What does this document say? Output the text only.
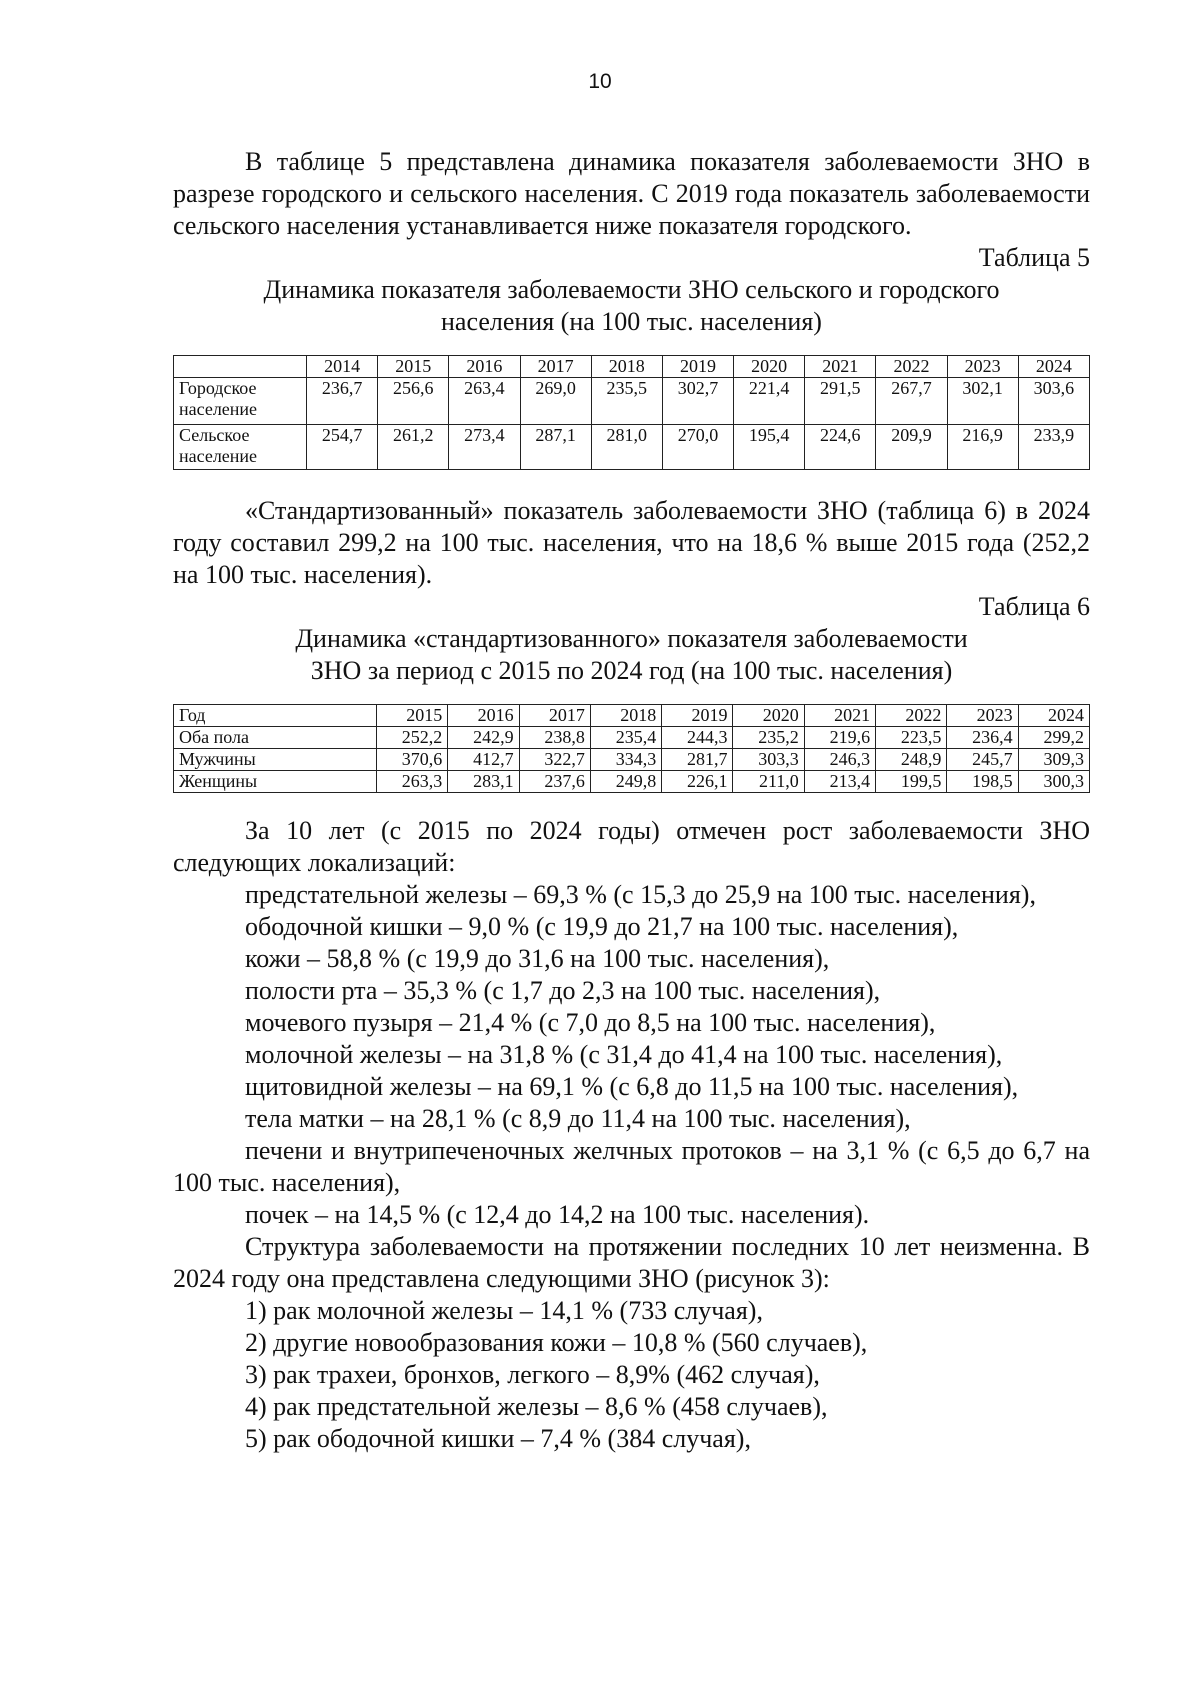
10

В таблице 5 представлена динамика показателя заболеваемости ЗНО в разрезе городского и сельского населения. С 2019 года показатель заболеваемости сельского населения устанавливается ниже показателя городского.

Таблица 5

Динамика показателя заболеваемости ЗНО сельского и городского

населения (на 100 тыс. населения)

	2014	2015	2016	2017	2018	2019	2020	2021	2022	2023	2024
Городское население	236,7	256,6	263,4	269,0	235,5	302,7	221,4	291,5	267,7	302,1	303,6
Сельское население	254,7	261,2	273,4	287,1	281,0	270,0	195,4	224,6	209,9	216,9	233,9

«Стандартизованный» показатель заболеваемости ЗНО (таблица 6) в 2024 году составил 299,2 на 100 тыс. населения, что на 18,6 % выше 2015 года (252,2 на 100 тыс. населения).

Таблица 6

Динамика «стандартизованного» показателя заболеваемости

ЗНО за период с 2015 по 2024 год (на 100 тыс. населения)

Год	2015	2016	2017	2018	2019	2020	2021	2022	2023	2024
Оба пола	252,2	242,9	238,8	235,4	244,3	235,2	219,6	223,5	236,4	299,2
Мужчины	370,6	412,7	322,7	334,3	281,7	303,3	246,3	248,9	245,7	309,3
Женщины	263,3	283,1	237,6	249,8	226,1	211,0	213,4	199,5	198,5	300,3

За 10 лет (с 2015 по 2024 годы) отмечен рост заболеваемости ЗНО следующих локализаций:

предстательной железы – 69,3 % (с 15,3 до 25,9 на 100 тыс. населения),

ободочной кишки – 9,0 % (с 19,9 до 21,7 на 100 тыс. населения),

кожи – 58,8 % (с 19,9 до 31,6 на 100 тыс. населения),

полости рта – 35,3 % (с 1,7 до 2,3 на 100 тыс. населения),

мочевого пузыря – 21,4 % (с 7,0 до 8,5 на 100 тыс. населения),

молочной железы – на 31,8 % (с 31,4 до 41,4 на 100 тыс. населения),

щитовидной железы – на 69,1 % (с 6,8 до 11,5 на 100 тыс. населения),

тела матки – на 28,1 % (с 8,9 до 11,4 на 100 тыс. населения),

печени и внутрипеченочных желчных протоков – на 3,1 % (с 6,5 до 6,7 на 100 тыс. населения),

почек – на 14,5 % (с 12,4 до 14,2 на 100 тыс. населения).

Структура заболеваемости на протяжении последних 10 лет неизменна. В 2024 году она представлена следующими ЗНО (рисунок 3):

1) рак молочной железы – 14,1 % (733 случая),

2) другие новообразования кожи – 10,8 % (560 случаев),

3) рак трахеи, бронхов, легкого – 8,9% (462 случая),

4) рак предстательной железы – 8,6 % (458 случаев),

5) рак ободочной кишки – 7,4 % (384 случая),
